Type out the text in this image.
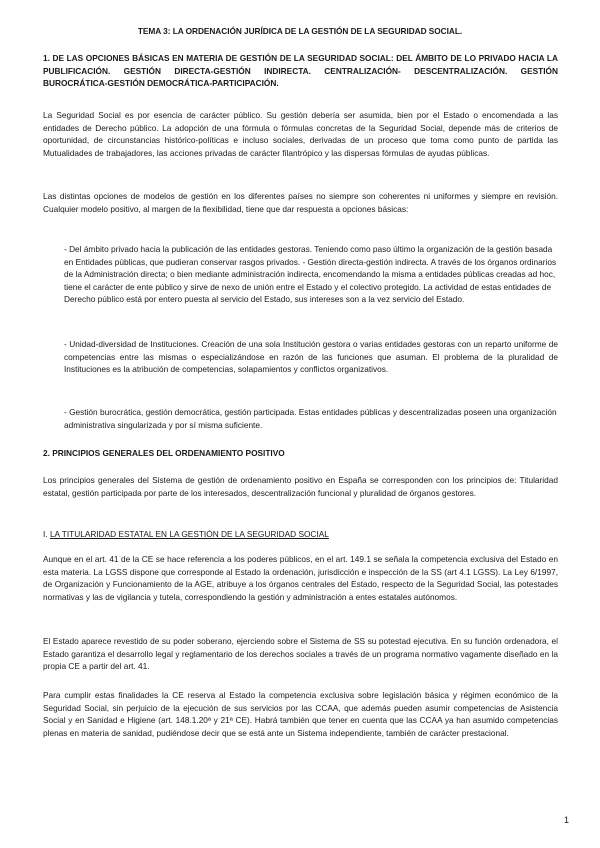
TEMA 3: LA ORDENACIÓN JURÍDICA DE LA GESTIÓN DE LA SEGURIDAD SOCIAL.

1. DE LAS OPCIONES BÁSICAS EN MATERIA DE GESTIÓN DE LA SEGURIDAD SOCIAL: DEL ÁMBITO DE LO PRIVADO HACIA LA PUBLIFICACIÓN. GESTIÓN DIRECTA-GESTIÓN INDIRECTA. CENTRALIZACIÓN- DESCENTRALIZACIÓN. GESTIÓN BUROCRÁTICA-GESTIÓN DEMOCRÁTICA-PARTICIPACIÓN.

La Seguridad Social es por esencia de carácter público. Su gestión debería ser asumida, bien por el Estado o encomendada a las entidades de Derecho público. La adopción de una fórmula o fórmulas concretas de la Seguridad Social, depende más de criterios de oportunidad, de circunstancias histórico-políticas e incluso sociales, derivadas de un proceso que toma como punto de partida las Mutualidades de trabajadores, las acciones privadas de carácter filantrópico y las dispersas fórmulas de ayudas públicas.

Las distintas opciones de modelos de gestión en los diferentes países no siempre son coherentes ni uniformes y siempre en revisión. Cualquier modelo positivo, al margen de la flexibilidad, tiene que dar respuesta a opciones básicas:

- Del ámbito privado hacia la publicación de las entidades gestoras. Teniendo como paso último la organización de la gestión basada en Entidades públicas, que pudieran conservar rasgos privados. - Gestión directa-gestión indirecta. A través de los órganos ordinarios de la Administración directa; o bien mediante administración indirecta, encomendando la misma a entidades públicas creadas ad hoc, tiene el carácter de ente público y sirve de nexo de unión entre el Estado y el colectivo protegido. La actividad de estas entidades de Derecho público está por entero puesta al servicio del Estado, sus intereses son a la vez servicio del Estado.

- Unidad-diversidad de Instituciones. Creación de una sola Institución gestora o varias entidades gestoras con un reparto uniforme de competencias entre las mismas o especializándose en razón de las funciones que asuman. El problema de la pluralidad de Instituciones es la atribución de competencias, solapamientos y conflictos organizativos.

- Gestión burocrática, gestión democrática, gestión participada. Estas entidades públicas y descentralizadas poseen una organización administrativa singularizada y por sí misma suficiente.

2. PRINCIPIOS GENERALES DEL ORDENAMIENTO POSITIVO

Los principios generales del Sistema de gestión de ordenamiento positivo en España se corresponden con los principios de: Titularidad estatal, gestión participada por parte de los interesados, descentralización funcional y pluralidad de órganos gestores.

I. LA TITULARIDAD ESTATAL EN LA GESTIÓN DE LA SEGURIDAD SOCIAL

Aunque en el art. 41 de la CE se hace referencia a los poderes públicos, en el art. 149.1 se señala la competencia exclusiva del Estado en esta materia. La LGSS dispone que corresponde al Estado la ordenación, jurisdicción e inspección de la SS (art 4.1 LGSS). La Ley 6/1997, de Organización y Funcionamiento de la AGE, atribuye a los órganos centrales del Estado, respecto de la Seguridad Social, las potestades normativas y las de vigilancia y tutela, correspondiendo la gestión y administración a entes estatales autónomos.

El Estado aparece revestido de su poder soberano, ejerciendo sobre el Sistema de SS su potestad ejecutiva. En su función ordenadora, el Estado garantiza el desarrollo legal y reglamentario de los derechos sociales a través de un programa normativo vagamente diseñado en la propia CE a partir del art. 41.

Para cumplir estas finalidades la CE reserva al Estado la competencia exclusiva sobre legislación básica y régimen económico de la Seguridad Social, sin perjuicio de la ejecución de sus servicios por las CCAA, que además pueden asumir competencias de Asistencia Social y en Sanidad e Higiene (art. 148.1.20ª y 21ª CE). Habrá también que tener en cuenta que las CCAA ya han asumido competencias plenas en materia de sanidad, pudiéndose decir que se está ante un Sistema independiente, también de carácter prestacional.

1
